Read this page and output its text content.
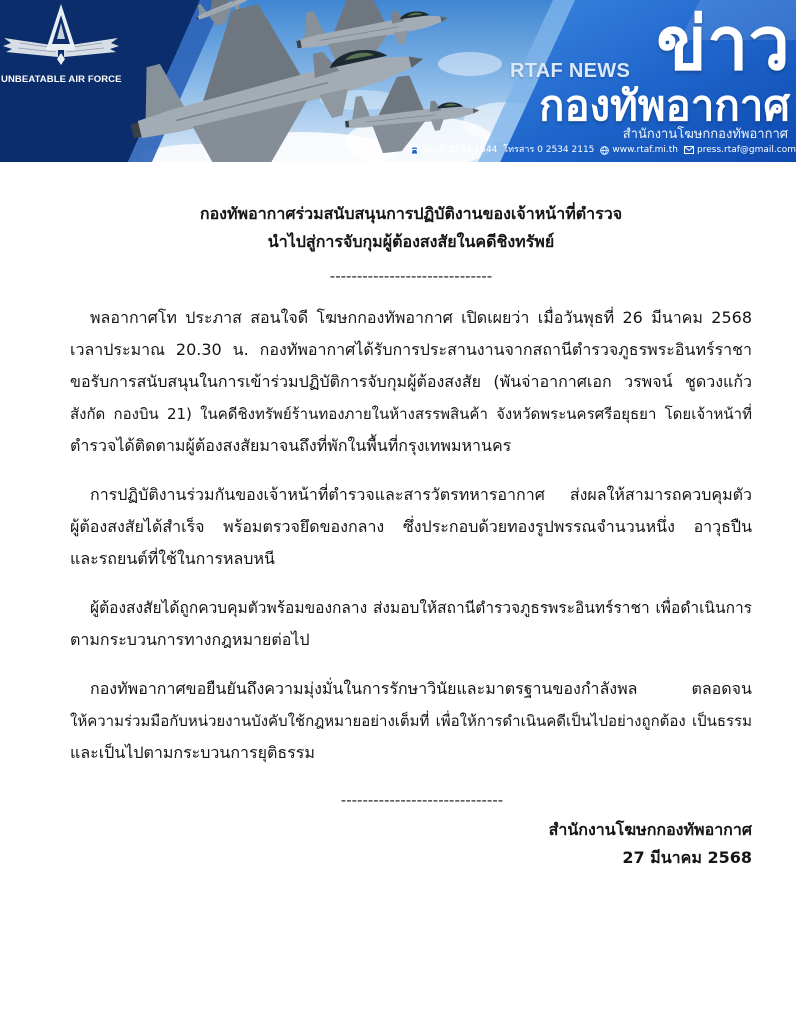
UNBEATABLE AIR FORCE	RTAF NEWS ข่าว
กองทัพอากาศ
สำนักงานโฆษกกองทัพอากาศ
โทร 0 2534 1544 โทรสาร 0 2534 2115 www.rtaf.mi.th press.rtaf@gmail.com
กองทัพอากาศร่วมสนับสนุนการปฏิบัติงานของเจ้าหน้าที่ตำรวจ
นำไปสู่การจับกุมผู้ต้องสงสัยในคดีชิงทรัพย์
------------------------------
พลอากาศโท ประภาส สอนใจดี โฆษกกองทัพอากาศ เปิดเผยว่า เมื่อวันพุธที่ 26 มีนาคม 2568
เวลาประมาณ 20.30 น. กองทัพอากาศได้รับการประสานงานจากสถานีตำรวจภูธรพระอินทร์ราชา
ขอรับการสนับสนุนในการเข้าร่วมปฏิบัติการจับกุมผู้ต้องสงสัย (พันจ่าอากาศเอก วรพจน์ ชูดวงแก้ว
สังกัด กองบิน 21) ในคดีชิงทรัพย์ร้านทองภายในห้างสรรพสินค้า จังหวัดพระนครศรีอยุธยา โดยเจ้าหน้าที่
ตำรวจได้ติดตามผู้ต้องสงสัยมาจนถึงที่พักในพื้นที่กรุงเทพมหานคร
การปฏิบัติงานร่วมกันของเจ้าหน้าที่ตำรวจและสารวัตรทหารอากาศ ส่งผลให้สามารถควบคุมตัว
ผู้ต้องสงสัยได้สำเร็จ พร้อมตรวจยึดของกลาง ซึ่งประกอบด้วยทองรูปพรรณจำนวนหนึ่ง อาวุธปืน
และรถยนต์ที่ใช้ในการหลบหนี
ผู้ต้องสงสัยได้ถูกควบคุมตัวพร้อมของกลาง ส่งมอบให้สถานีตำรวจภูธรพระอินทร์ราชา เพื่อดำเนินการ
ตามกระบวนการทางกฎหมายต่อไป
กองทัพอากาศขอยืนยันถึงความมุ่งมั่นในการรักษาวินัยและมาตรฐานของกำลังพล ตลอดจน
ให้ความร่วมมือกับหน่วยงานบังคับใช้กฎหมายอย่างเต็มที่ เพื่อให้การดำเนินคดีเป็นไปอย่างถูกต้อง เป็นธรรม
และเป็นไปตามกระบวนการยุติธรรม
------------------------------
สำนักงานโฆษกกองทัพอากาศ
27 มีนาคม 2568
